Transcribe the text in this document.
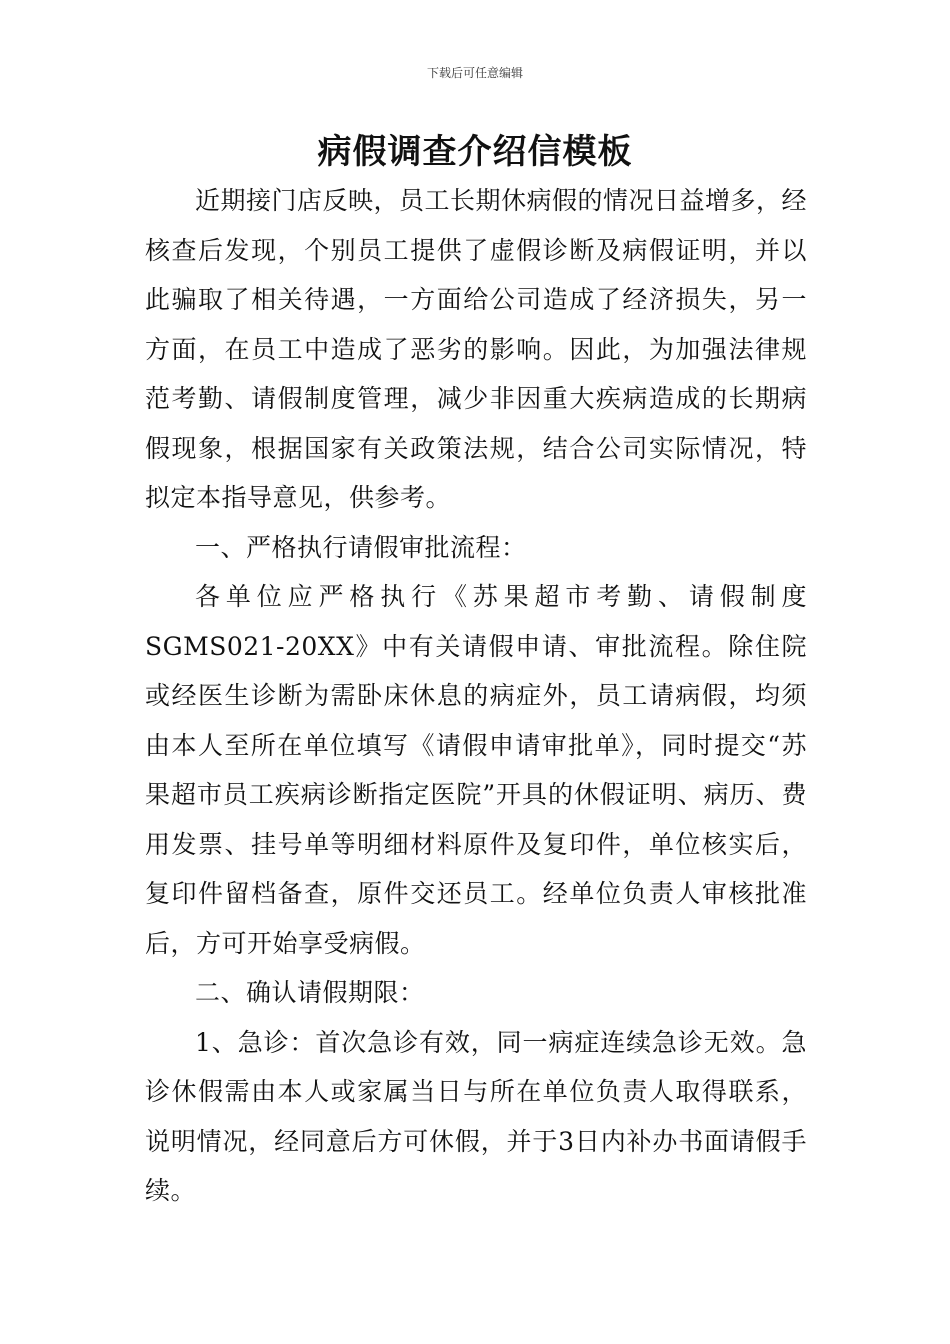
下载后可任意编辑
病假调查介绍信模板

近期接门店反映，员工长期休病假的情况日益增多，经核查后发现，个别员工提供了虚假诊断及病假证明，并以此骗取了相关待遇，一方面给公司造成了经济损失，另一方面，在员工中造成了恶劣的影响。因此，为加强法律规范考勤、请假制度管理，减少非因重大疾病造成的长期病假现象，根据国家有关政策法规，结合公司实际情况，特拟定本指导意见，供参考。

一、严格执行请假审批流程：

各单位应严格执行《苏果超市考勤、请假制度SGMS021-20XX》中有关请假申请、审批流程。除住院或经医生诊断为需卧床休息的病症外，员工请病假，均须由本人至所在单位填写《请假申请审批单》，同时提交“苏果超市员工疾病诊断指定医院”开具的休假证明、病历、费用发票、挂号单等明细材料原件及复印件，单位核实后，复印件留档备查，原件交还员工。经单位负责人审核批准后，方可开始享受病假。

二、确认请假期限：

1、急诊：首次急诊有效，同一病症连续急诊无效。急诊休假需由本人或家属当日与所在单位负责人取得联系，说明情况，经同意后方可休假，并于3日内补办书面请假手续。
